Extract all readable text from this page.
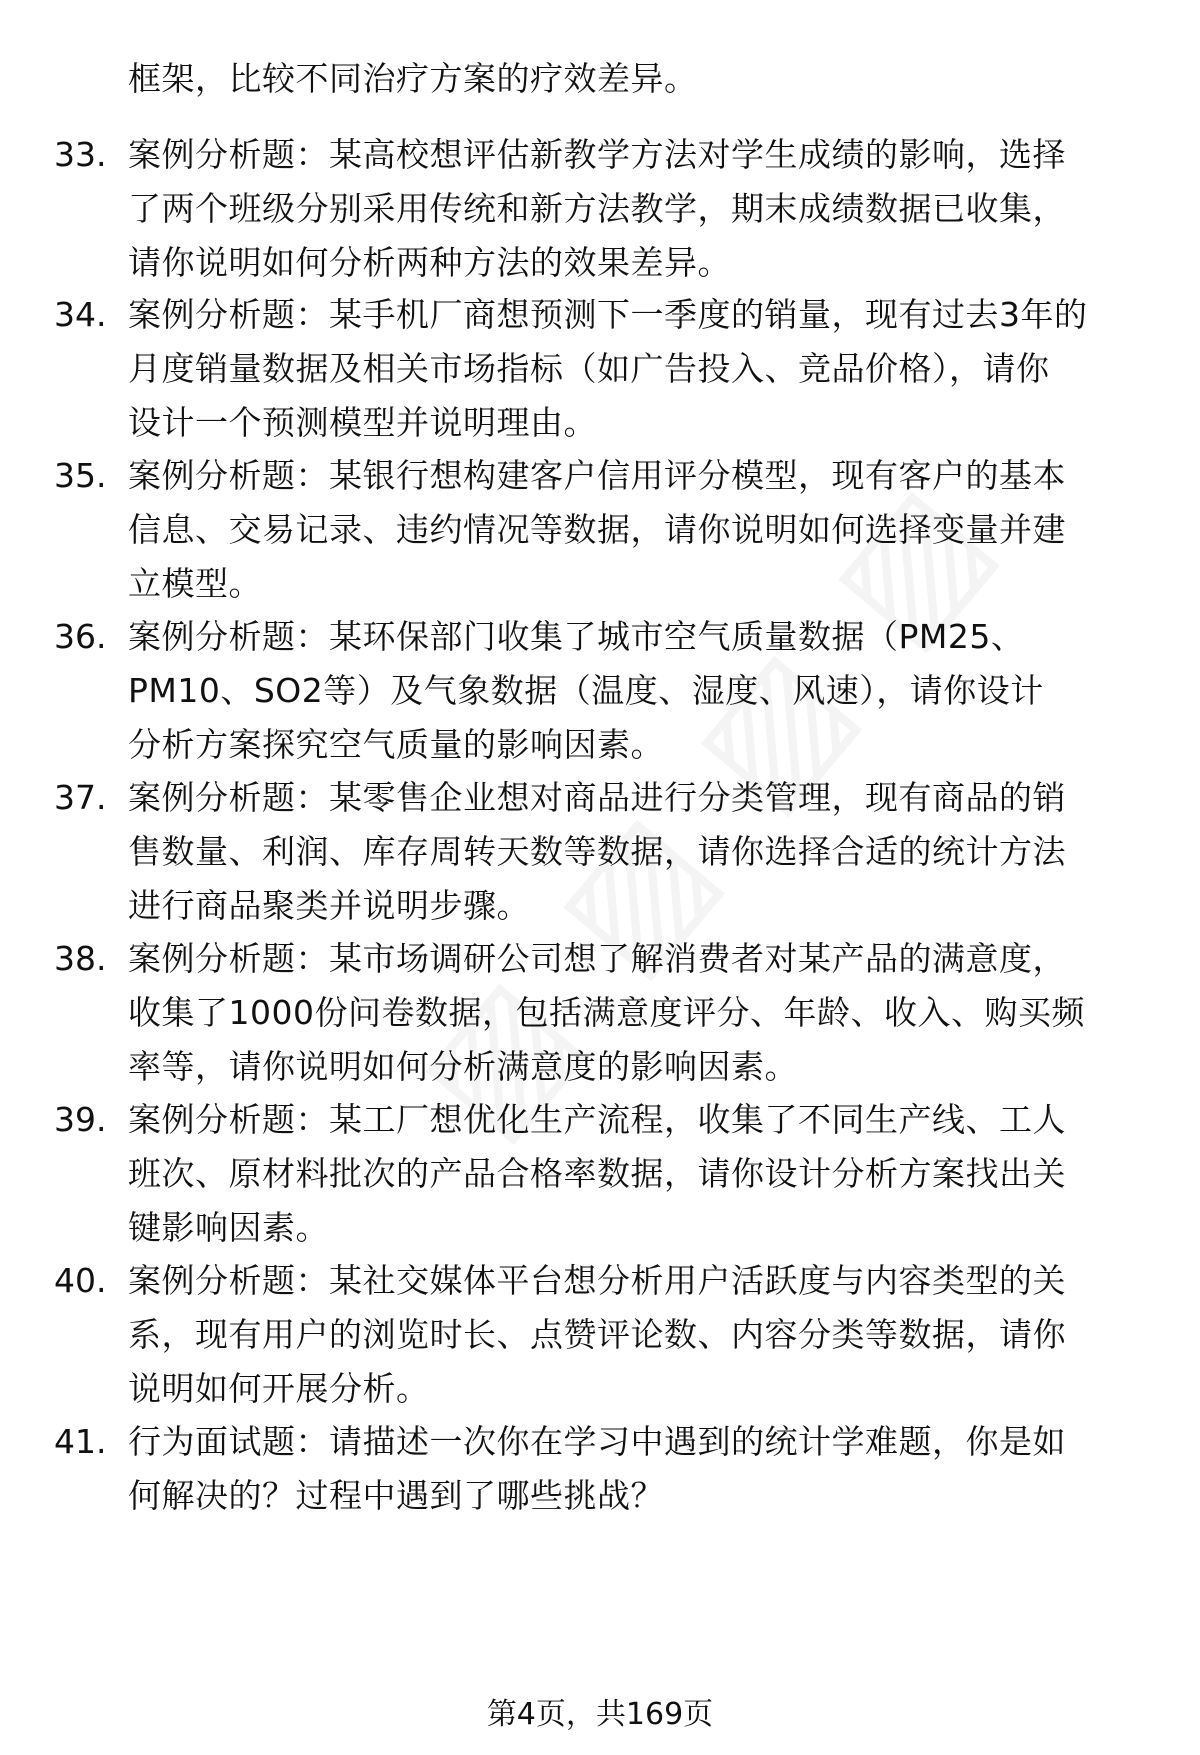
框架，比较不同治疗方案的疗效差异。
33. 案例分析题：某高校想评估新教学方法对学生成绩的影响，选择
了两个班级分别采用传统和新方法教学，期末成绩数据已收集，
请你说明如何分析两种方法的效果差异。
34. 案例分析题：某手机厂商想预测下一季度的销量，现有过去3年的
月度销量数据及相关市场指标（如广告投入、竞品价格），请你
设计一个预测模型并说明理由。
35. 案例分析题：某银行想构建客户信用评分模型，现有客户的基本
信息、交易记录、违约情况等数据，请你说明如何选择变量并建
立模型。
36. 案例分析题：某环保部门收集了城市空气质量数据（PM25、
PM10、SO2等）及气象数据（温度、湿度、风速），请你设计
分析方案探究空气质量的影响因素。
37. 案例分析题：某零售企业想对商品进行分类管理，现有商品的销
售数量、利润、库存周转天数等数据，请你选择合适的统计方法
进行商品聚类并说明步骤。
38. 案例分析题：某市场调研公司想了解消费者对某产品的满意度，
收集了1000份问卷数据，包括满意度评分、年龄、收入、购买频
率等，请你说明如何分析满意度的影响因素。
39. 案例分析题：某工厂想优化生产流程，收集了不同生产线、工人
班次、原材料批次的产品合格率数据，请你设计分析方案找出关
键影响因素。
40. 案例分析题：某社交媒体平台想分析用户活跃度与内容类型的关
系，现有用户的浏览时长、点赞评论数、内容分类等数据，请你
说明如何开展分析。
41. 行为面试题：请描述一次你在学习中遇到的统计学难题，你是如
何解决的？过程中遇到了哪些挑战？
第4页，共169页
